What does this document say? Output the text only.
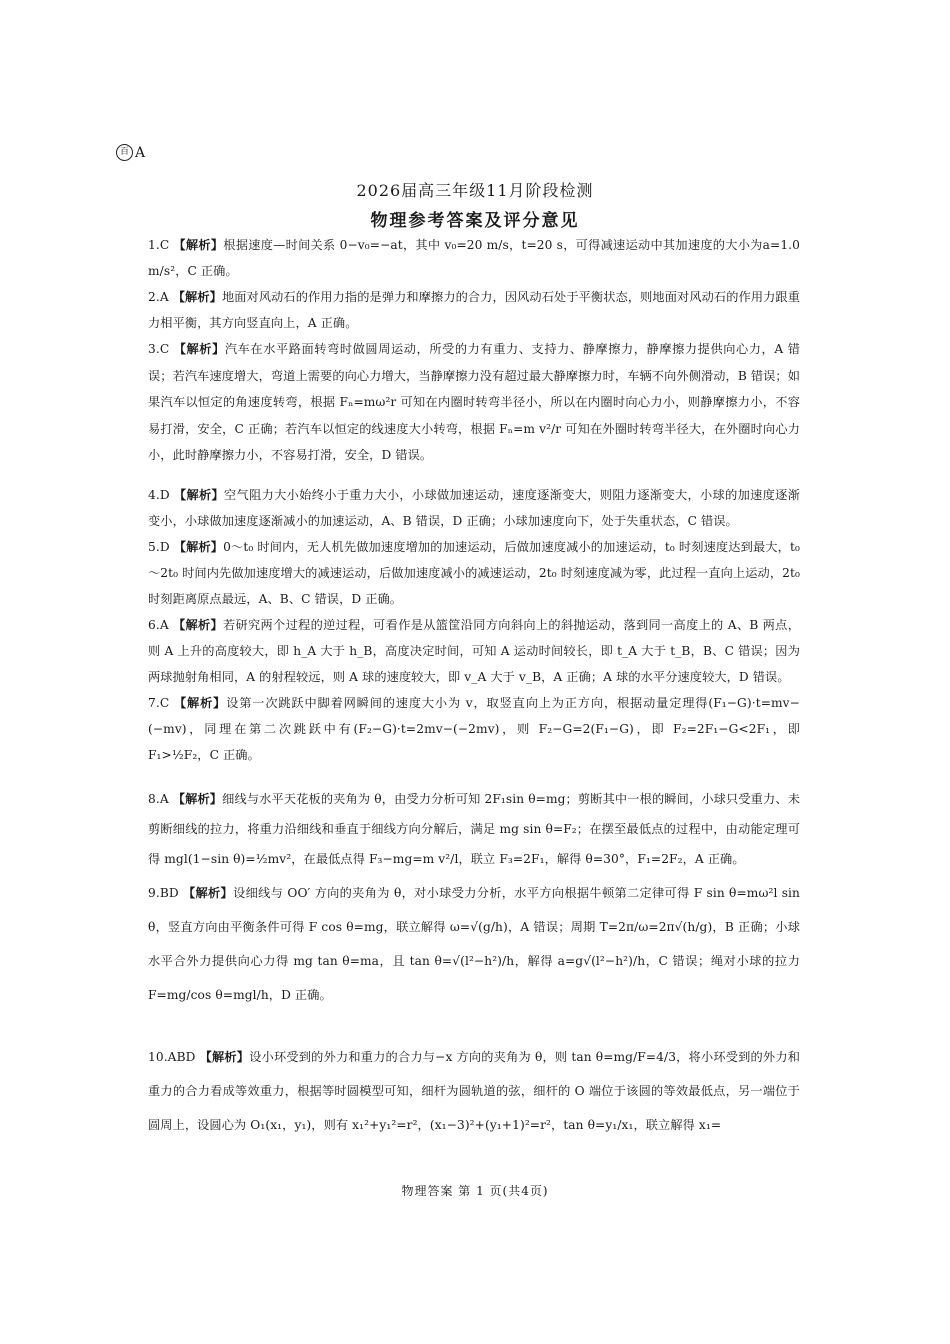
百 A
2026届高三年级11月阶段检测
物理参考答案及评分意见
1.C 【解析】根据速度—时间关系 0−v₀=−at，其中 v₀=20 m/s，t=20 s，可得减速运动中其加速度的大小为a=1.0 m/s²，C 正确。
2.A 【解析】地面对风动石的作用力指的是弹力和摩擦力的合力，因风动石处于平衡状态，则地面对风动石的作用力跟重力相平衡，其方向竖直向上，A 正确。
3.C 【解析】汽车在水平路面转弯时做圆周运动，所受的力有重力、支持力、静摩擦力，静摩擦力提供向心力，A 错误；若汽车速度增大，弯道上需要的向心力增大，当静摩擦力没有超过最大静摩擦力时，车辆不向外侧滑动，B 错误；如果汽车以恒定的角速度转弯，根据 Fₙ=mω²r 可知在内圈时转弯半径小，所以在内圈时向心力小，则静摩擦力小，不容易打滑，安全，C 正确；若汽车以恒定的线速度大小转弯，根据 Fₙ=m v²/r 可知在外圈时转弯半径大，在外圈时向心力小，此时静摩擦力小，不容易打滑，安全，D 错误。
4.D 【解析】空气阻力大小始终小于重力大小，小球做加速运动，速度逐渐变大，则阻力逐渐变大，小球的加速度逐渐变小，小球做加速度逐渐减小的加速运动，A、B 错误，D 正确；小球加速度向下，处于失重状态，C 错误。
5.D 【解析】0～t₀ 时间内，无人机先做加速度增加的加速运动，后做加速度减小的加速运动，t₀ 时刻速度达到最大，t₀～2t₀ 时间内先做加速度增大的减速运动，后做加速度减小的减速运动，2t₀ 时刻速度减为零，此过程一直向上运动，2t₀ 时刻距离原点最远，A、B、C 错误，D 正确。
6.A 【解析】若研究两个过程的逆过程，可看作是从篮筐沿同方向斜向上的斜抛运动，落到同一高度上的 A、B 两点，则 A 上升的高度较大，即 h_A 大于 h_B，高度决定时间，可知 A 运动时间较长，即 t_A 大于 t_B，B、C 错误；因为两球抛射角相同，A 的射程较远，则 A 球的速度较大，即 v_A 大于 v_B，A 正确；A 球的水平分速度较大，D 错误。
7.C 【解析】设第一次跳跃中脚着网瞬间的速度大小为 v，取竖直向上为正方向，根据动量定理得(F₁−G)·t=mv−(−mv)，同理在第二次跳跃中有(F₂−G)·t=2mv−(−2mv)，则 F₂−G=2(F₁−G)，即 F₂=2F₁−G<2F₁，即 F₁>½F₂，C 正确。
8.A 【解析】细线与水平天花板的夹角为 θ，由受力分析可知 2F₁sin θ=mg；剪断其中一根的瞬间，小球只受重力、未剪断细线的拉力，将重力沿细线和垂直于细线方向分解后，满足 mg sin θ=F₂；在摆至最低点的过程中，由动能定理可得 mgl(1−sin θ)=½mv²，在最低点得 F₃−mg=m v²/l，联立 F₃=2F₁，解得 θ=30°，F₁=2F₂，A 正确。
9.BD 【解析】设细线与 OO′ 方向的夹角为 θ，对小球受力分析，水平方向根据牛顿第二定律可得 F sin θ=mω²l sin θ，竖直方向由平衡条件可得 F cos θ=mg，联立解得 ω=√(g/h)，A 错误；周期 T=2π/ω=2π√(h/g)，B 正确；小球水平合外力提供向心力得 mg tan θ=ma，且 tan θ=√(l²−h²)/h，解得 a=g√(l²−h²)/h，C 错误；绳对小球的拉力 F=mg/cos θ=mgl/h，D 正确。
10.ABD 【解析】设小环受到的外力和重力的合力与−x 方向的夹角为 θ，则 tan θ=mg/F=4/3，将小环受到的外力和重力的合力看成等效重力，根据等时圆模型可知，细杆为圆轨道的弦，细杆的 O 端位于该圆的等效最低点，另一端位于圆周上，设圆心为 O₁(x₁，y₁)，则有 x₁²+y₁²=r²，(x₁−3)²+(y₁+1)²=r²，tan θ=y₁/x₁，联立解得 x₁=
物理答案 第 1 页(共4页)
